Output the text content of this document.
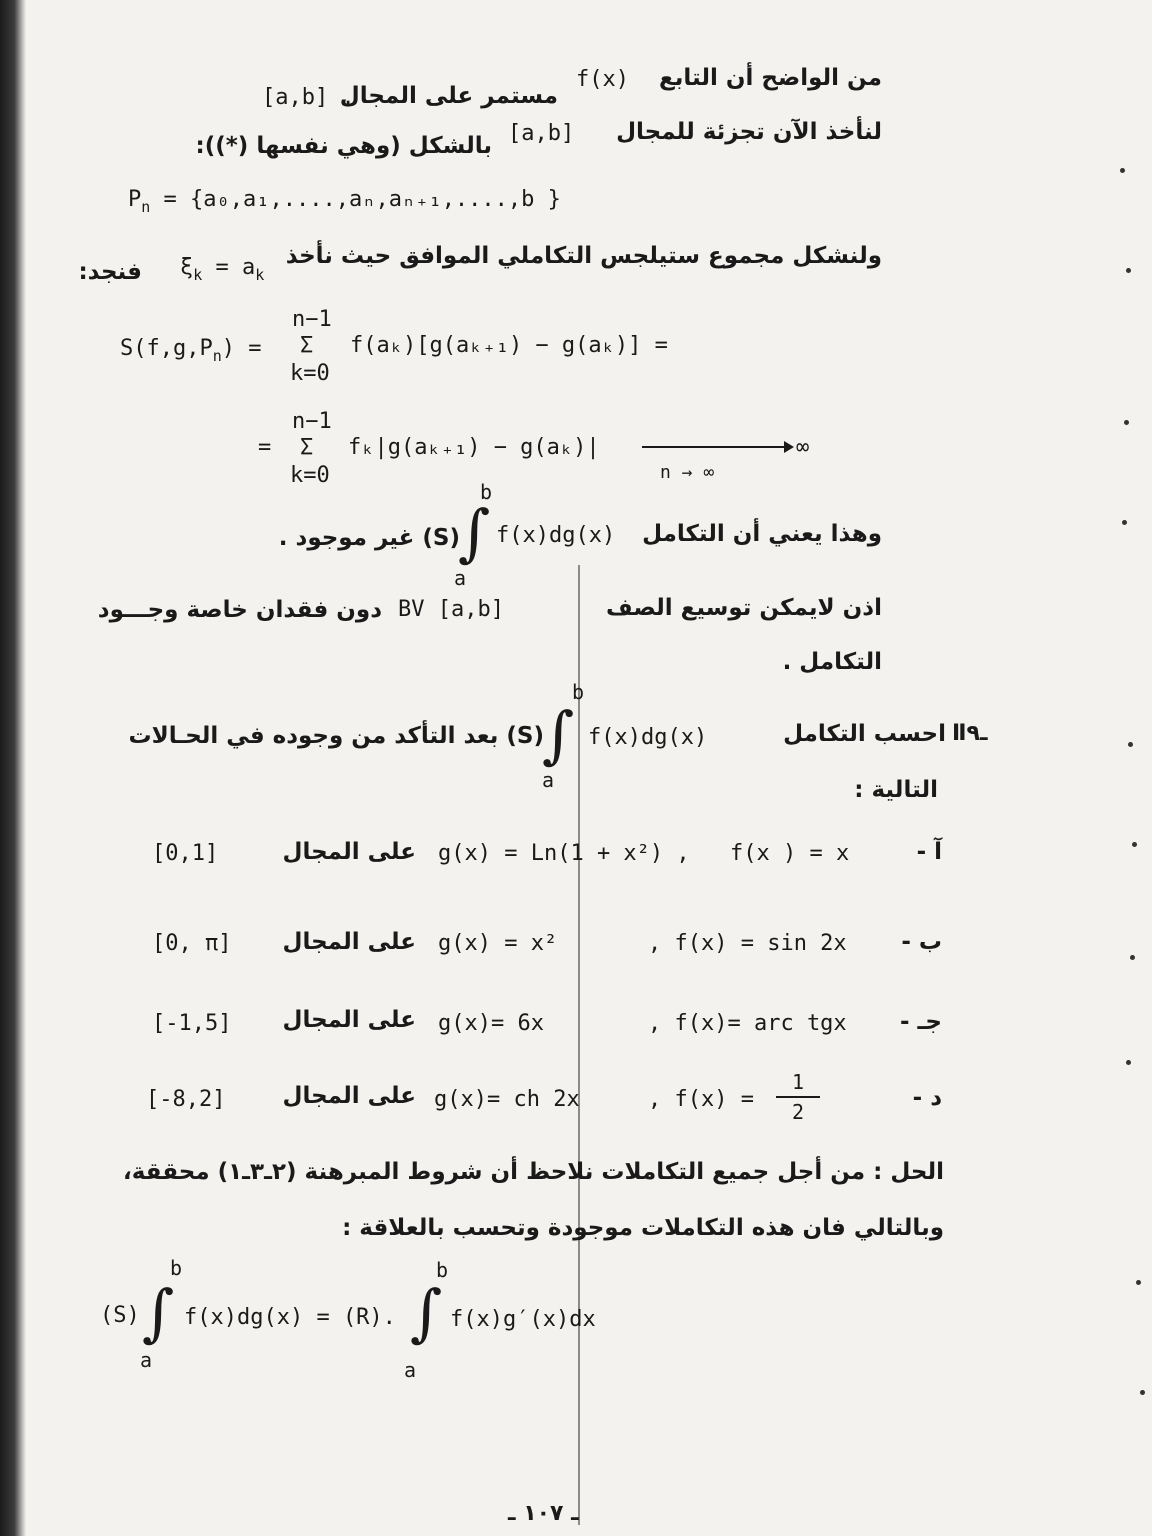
من الواضح أن التابع
f(x)
مستمر على المجال
[a,b] .
لنأخذ الآن تجزئة للمجال
[a,b]
بالشكل (وهي نفسها (*)):
$P_n = \{a_0,a_1,....,a_n,a_{n+1},....,b$ }
ولنشكل مجموع ستيلجس التكاملي الموافق حيث نأخذ
$\xi_k = a_k$
فنجد:
$S(f,g,P_n)$ =
n−1
Σ
k=0
f(aₖ)[g(aₖ₊₁) − g(aₖ)] =
=
n−1
Σ
k=0
fₖ|g(aₖ₊₁) − g(aₖ)|	∞
n → ∞
وهذا يعني أن التكامل
b
∫
a
f(x)dg(x)
(S) غير موجود .
اذن لايمكن توسيع الصف
BV [a,b]
دون فقدان خاصة وجـــود
التكامل .
Ⅱـ٩
احسب التكامل
b
∫
a
f(x)dg(x)
(S) بعد التأكد من وجوده في الحـالات
التالية :
آ -
f(x ) = x
g(x) = Ln(1 + x²) ,
على المجال
[0,1]
ب -
, f(x) = sin 2x
g(x) = x²
على المجال
[0, π]
جـ -
, f(x)= arc tgx
g(x)= 6x
على المجال
[-1,5]
د -
, f(x) =
1
2
g(x)= ch 2x
على المجال
[-8,2]
الحل : من أجل جميع التكاملات نلاحظ أن شروط المبرهنة (٢ـ٣ـ١) محققة،
وبالتالي فان هذه التكاملات موجودة وتحسب بالعلاقة :
(S)
b
∫
a
f(x)dg(x) = (R).
b
∫
a
f(x)g′(x)dx
ـ ١٠٧ ـ
